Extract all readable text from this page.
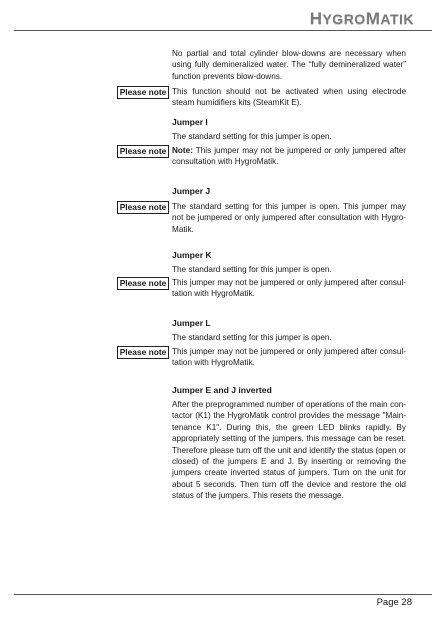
HYGROMATIK
No partial and total cylinder blow-downs are necessary when using fully demineralized water. The “fully demineralized water” function prevents blow-downs.
Please note This function should not be activated when using electrode steam humidifiers kits (SteamKit E).
Jumper I
The standard setting for this jumper is open.
Please note Note: This jumper may not be jumpered or only jumpered after consultation with HygroMatik.
Jumper J
Please note The standard setting for this jumper is open. This jumper may not be jumpered or only jumpered after consultation with Hygro-Matik.
Jumper K
The standard setting for this jumper is open.
Please note This jumper may not be jumpered or only jumpered after consul-tation with HygroMatik.
Jumper L
The standard setting for this jumper is open.
Please note This jumper may not be jumpered or only jumpered after consul-tation with HygroMatik.
Jumper E and J inverted
After the preprogrammed number of operations of the main con-tactor (K1) the HygroMatik control provides the message "Main-tenance K1". During this, the green LED blinks rapidly. By appropriately setting of the jumpers, this message can be reset. Therefore please turn off the unit and identify the status (open or closed) of the jumpers E and J. By inserting or removing the jumpers create inverted status of jumpers. Turn on the unit for about 5 seconds. Then turn off the device and restore the old status of the jumpers. This resets the message.
Page 28
